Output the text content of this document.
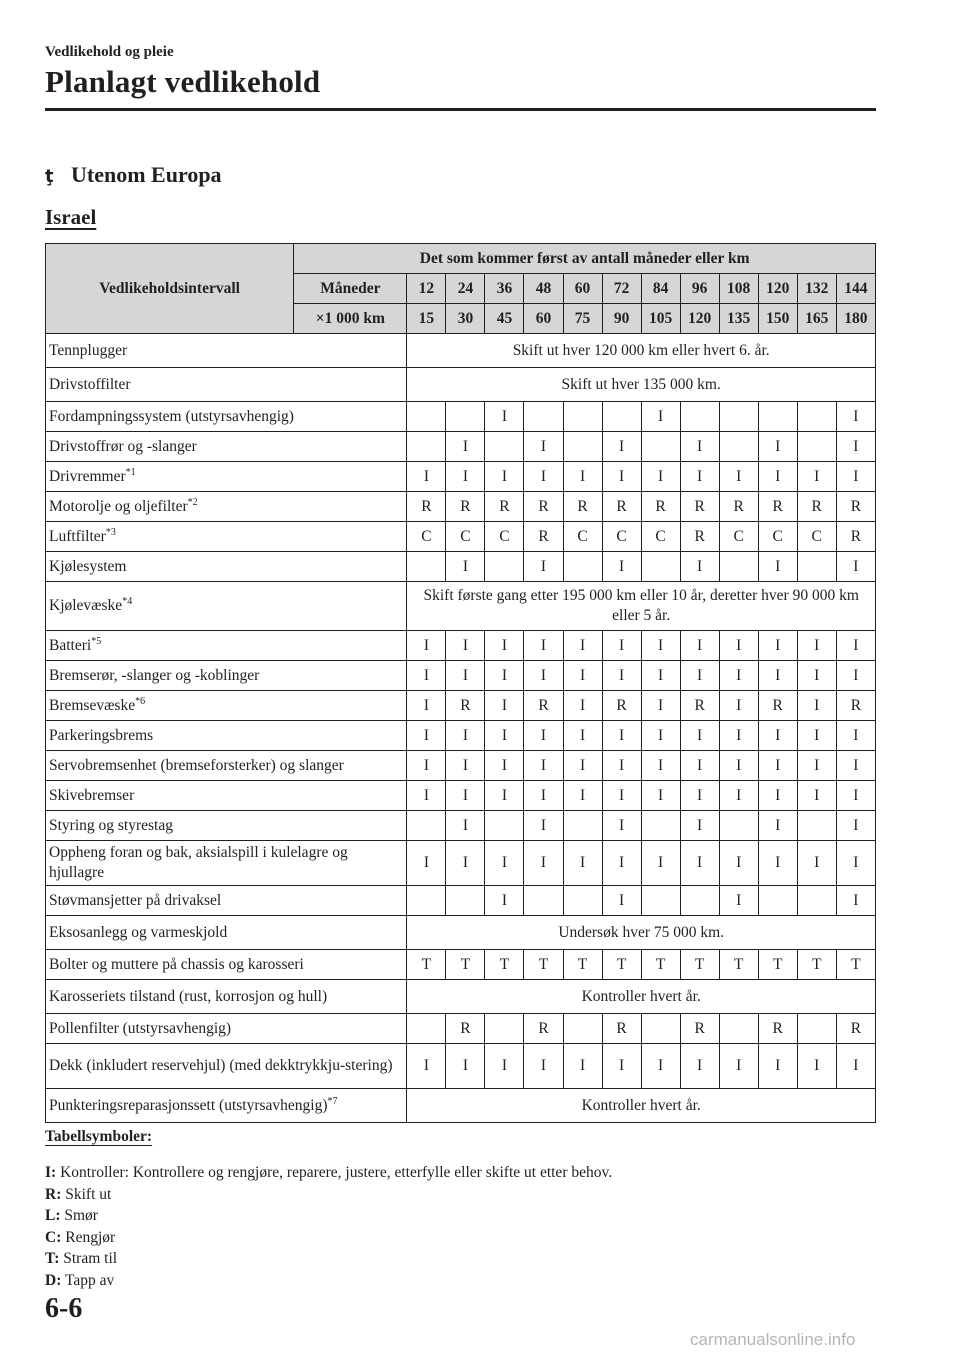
Vedlikehold og pleie
Planlagt vedlikehold
ţ Utenom Europa
Israel
Vedlikeholdsintervall	Det som kommer først av antall måneder eller km												
	Måneder	12	24	36	48	60	72	84	96	108	120	132	144
	×1 000 km	15	30	45	60	75	90	105	120	135	150	165	180
Tennplugger		Skift ut hver 120 000 km eller hvert 6. år.											
Drivstoffilter		Skift ut hver 135 000 km.											
Fordampningssystem (utstyrsavhengig)				I				I					I
Drivstoffrør og -slanger			I		I		I		I		I		I
Drivremmer$^{*1}$		I	I	I	I	I	I	I	I	I	I	I	I
Motorolje og oljefilter$^{*2}$		R	R	R	R	R	R	R	R	R	R	R	R
Luftfilter$^{*3}$		C	C	C	R	C	C	C	R	C	C	C	R
Kjølesystem			I		I		I		I		I		I
Kjølevæske$^{*4}$		Skift første gang etter 195 000 km eller 10 år, deretter hver 90 000 km eller 5 år.											
Batteri$^{*5}$		I	I	I	I	I	I	I	I	I	I	I	I
Bremserør, -slanger og -koblinger		I	I	I	I	I	I	I	I	I	I	I	I
Bremsevæske$^{*6}$		I	R	I	R	I	R	I	R	I	R	I	R
Parkeringsbrems		I	I	I	I	I	I	I	I	I	I	I	I
Servobremsenhet (bremseforsterker) og slanger		I	I	I	I	I	I	I	I	I	I	I	I
Skivebremser		I	I	I	I	I	I	I	I	I	I	I	I
Styring og styrestag			I		I		I		I		I		I
Oppheng foran og bak, aksialspill i kulelagre og hjullagre		I	I	I	I	I	I	I	I	I	I	I	I
Støvmansjetter på drivaksel				I			I			I			I
Eksosanlegg og varmeskjold		Undersøk hver 75 000 km.											
Bolter og muttere på chassis og karosseri		T	T	T	T	T	T	T	T	T	T	T	T
Karosseriets tilstand (rust, korrosjon og hull)		Kontroller hvert år.											
Pollenfilter (utstyrsavhengig)			R		R		R		R		R		R
Dekk (inkludert reservehjul) (med dekktrykkju-stering)		I	I	I	I	I	I	I	I	I	I	I	I
Punkteringsreparasjonssett (utstyrsavhengig)$^{*7}$		Kontroller hvert år.											
Tabellsymboler:
I: Kontroller: Kontrollere og rengjøre, reparere, justere, etterfylle eller skifte ut etter behov.
R: Skift ut
L: Smør
C: Rengjør
T: Stram til
D: Tapp av
6-6
carmanualsonline.info
